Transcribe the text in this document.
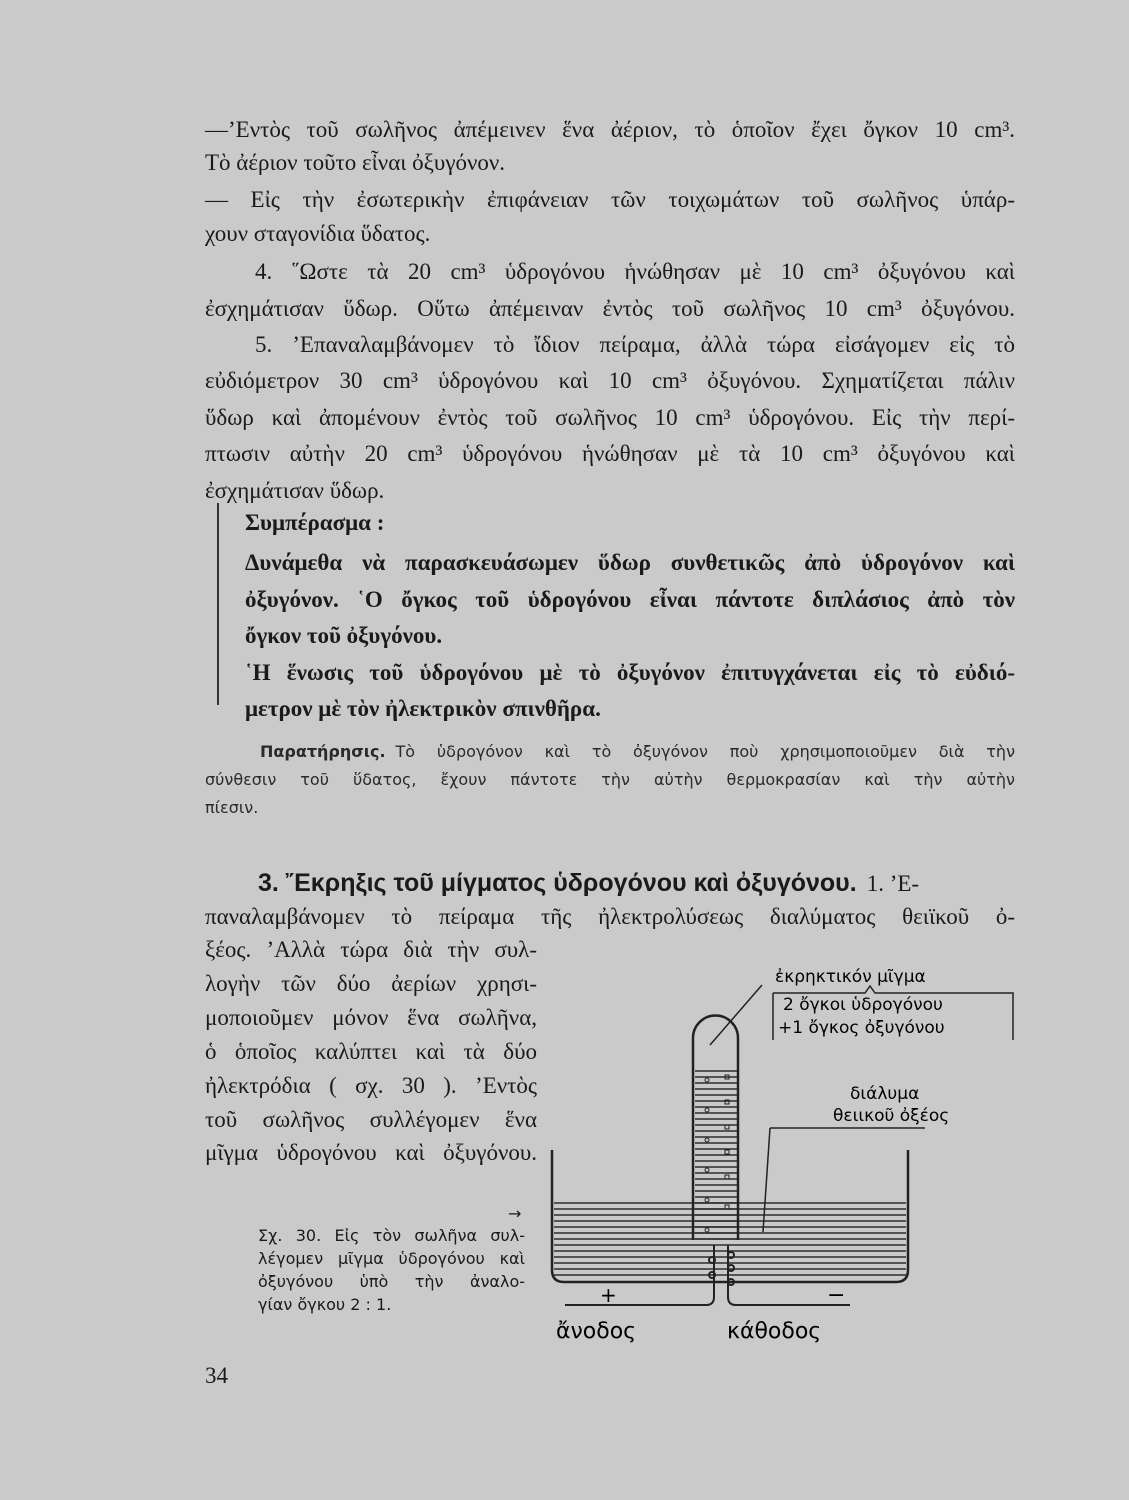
—’Εντὸς τοῦ σωλῆνος ἀπέμεινεν ἕνα ἀέριον, τὸ ὁποῖον ἔχει ὄγκον 10 cm³.
Τὸ ἀέριον τοῦτο εἶναι ὀξυγόνον.
— Εἰς τὴν ἐσωτερικὴν ἐπιφάνειαν τῶν τοιχωμάτων τοῦ σωλῆνος ὑπάρ-
χουν σταγονίδια ὕδατος.
4. ῞Ωστε τὰ 20 cm³ ὑδρογόνου ἡνώθησαν μὲ 10 cm³ ὀξυγόνου καὶ
ἐσχημάτισαν ὕδωρ. Οὕτω ἀπέμειναν ἐντὸς τοῦ σωλῆνος 10 cm³ ὀξυγόνου.
5. ’Επαναλαμβάνομεν τὸ ἴδιον πείραμα, ἀλλὰ τώρα εἰσάγομεν εἰς τὸ
εὐδιόμετρον 30 cm³ ὑδρογόνου καὶ 10 cm³ ὀξυγόνου. Σχηματίζεται πάλιν
ὕδωρ καὶ ἀπομένουν ἐντὸς τοῦ σωλῆνος 10 cm³ ὑδρογόνου. Εἰς τὴν περί-
πτωσιν αὐτὴν 20 cm³ ὑδρογόνου ἡνώθησαν μὲ τὰ 10 cm³ ὀξυγόνου καὶ
ἐσχημάτισαν ὕδωρ.
Συμπέρασμα :
Δυνάμεθα νὰ παρασκευάσωμεν ὕδωρ συνθετικῶς ἀπὸ ὑδρογόνον καὶ
ὀξυγόνον. ῾Ο ὄγκος τοῦ ὑδρογόνου εἶναι πάντοτε διπλάσιος ἀπὸ τὸν
ὄγκον τοῦ ὀξυγόνου.
῾Η ἕνωσις τοῦ ὑδρογόνου μὲ τὸ ὀξυγόνον ἐπιτυγχάνεται εἰς τὸ εὐδιό-
μετρον μὲ τὸν ἠλεκτρικὸν σπινθῆρα.
Παρατήρησις. Τὸ ὑδρογόνον καὶ τὸ ὀξυγόνον ποὺ χρησιμοποιοῦμεν διὰ τὴν
σύνθεσιν τοῦ ὕδατος, ἔχουν πάντοτε τὴν αὐτὴν θερμοκρασίαν καὶ τὴν αὐτὴν
πίεσιν.
3. ῎Εκρηξις τοῦ μίγματος ὑδρογόνου καὶ ὀξυγόνου. 1. ’Ε-
παναλαμβάνομεν τὸ πείραμα τῆς ἠλεκτρολύσεως διαλύματος θειϊκοῦ ὀ-
ξέος. ’Αλλὰ τώρα διὰ τὴν συλ-
λογὴν τῶν δύο ἀερίων χρησι-
μοποιοῦμεν μόνον ἕνα σωλῆνα,
ὁ ὁποῖος καλύπτει καὶ τὰ δύο
ἠλεκτρόδια ( σχ. 30 ). ’Εντὸς
τοῦ σωλῆνος συλλέγομεν ἕνα
μῖγμα ὑδρογόνου καὶ ὀξυγόνου.
→
Σχ. 30. Εἰς τὸν σωλῆνα συλ-
λέγομεν μῖγμα ὑδρογόνου καὶ
ὀξυγόνου ὑπὸ τὴν ἀναλο-
γίαν ὄγκου 2 : 1.
34
ἐκρηκτικόν μῖγμα
2 ὄγκοι ὑδρογόνου
+1 ὄγκος ὀξυγόνου
διάλυμα
θειικοῦ ὀξέος
+	−
ἄνοδος	κάθοδος
